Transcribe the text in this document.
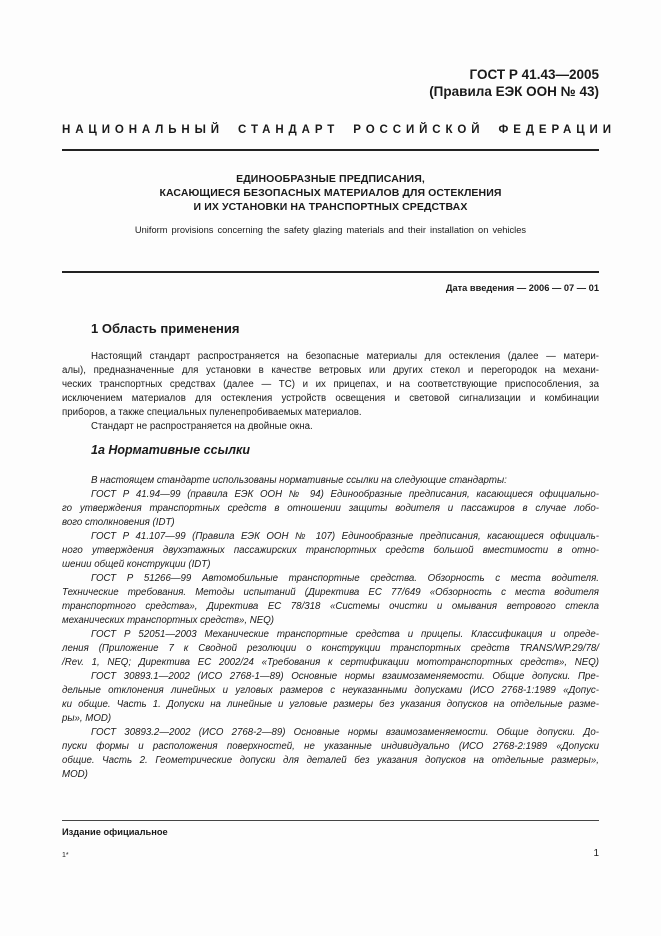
ГОСТ Р 41.43—2005
(Правила ЕЭК ООН № 43)
НАЦИОНАЛЬНЫЙ СТАНДАРТ РОССИЙСКОЙ ФЕДЕРАЦИИ
ЕДИНООБРАЗНЫЕ ПРЕДПИСАНИЯ,
КАСАЮЩИЕСЯ БЕЗОПАСНЫХ МАТЕРИАЛОВ ДЛЯ ОСТЕКЛЕНИЯ
И ИХ УСТАНОВКИ НА ТРАНСПОРТНЫХ СРЕДСТВАХ
Uniform provisions concerning the safety glazing materials and their installation on vehicles
Дата введения — 2006 — 07 — 01
1 Область применения
Настоящий стандарт распространяется на безопасные материалы для остекления (далее — матери-
алы), предназначенные для установки в качестве ветровых или других стекол и перегородок на механи-
ческих транспортных средствах (далее — ТС) и их прицепах, и на соответствующие приспособления, за
исключением материалов для остекления устройств освещения и световой сигнализации и комбинации
приборов, а также специальных пуленепробиваемых материалов.
Стандарт не распространяется на двойные окна.
1а Нормативные ссылки
В настоящем стандарте использованы нормативные ссылки на следующие стандарты:
ГОСТ Р 41.94—99 (правила ЕЭК ООН № 94) Единообразные предписания, касающиеся официально-
го утверждения транспортных средств в отношении защиты водителя и пассажиров в случае лобо-
вого столкновения (IDT)
ГОСТ Р 41.107—99 (Правила ЕЭК ООН № 107) Единообразные предписания, касающиеся официаль-
ного утверждения двухэтажных пассажирских транспортных средств большой вместимости в отно-
шении общей конструкции (IDT)
ГОСТ Р 51266—99 Автомобильные транспортные средства. Обзорность с места водителя.
Технические требования. Методы испытаний (Директива ЕС 77/649 «Обзорность с места водителя
транспортного средства», Директива ЕС 78/318 «Системы очистки и омывания ветрового стекла
механических транспортных средств», NEQ)
ГОСТ Р 52051—2003 Механические транспортные средства и прицепы. Классификация и опреде-
ления (Приложение 7 к Сводной резолюции о конструкции транспортных средств TRANS/WP.29/78/
/Rev. 1, NEQ; Директива ЕС 2002/24 «Требования к сертификации мототранспортных средств», NEQ)
ГОСТ 30893.1—2002 (ИСО 2768-1—89) Основные нормы взаимозаменяемости. Общие допуски. Пре-
дельные отклонения линейных и угловых размеров с неуказанными допусками (ИСО 2768-1:1989 «Допус-
ки общие. Часть 1. Допуски на линейные и угловые размеры без указания допусков на отдельные разме-
ры», MOD)
ГОСТ 30893.2—2002 (ИСО 2768-2—89) Основные нормы взаимозаменяемости. Общие допуски. До-
пуски формы и расположения поверхностей, не указанные индивидуально (ИСО 2768-2:1989 «Допуски
общие. Часть 2. Геометрические допуски для деталей без указания допусков на отдельные размеры»,
MOD)
Издание официальное
1*	1
